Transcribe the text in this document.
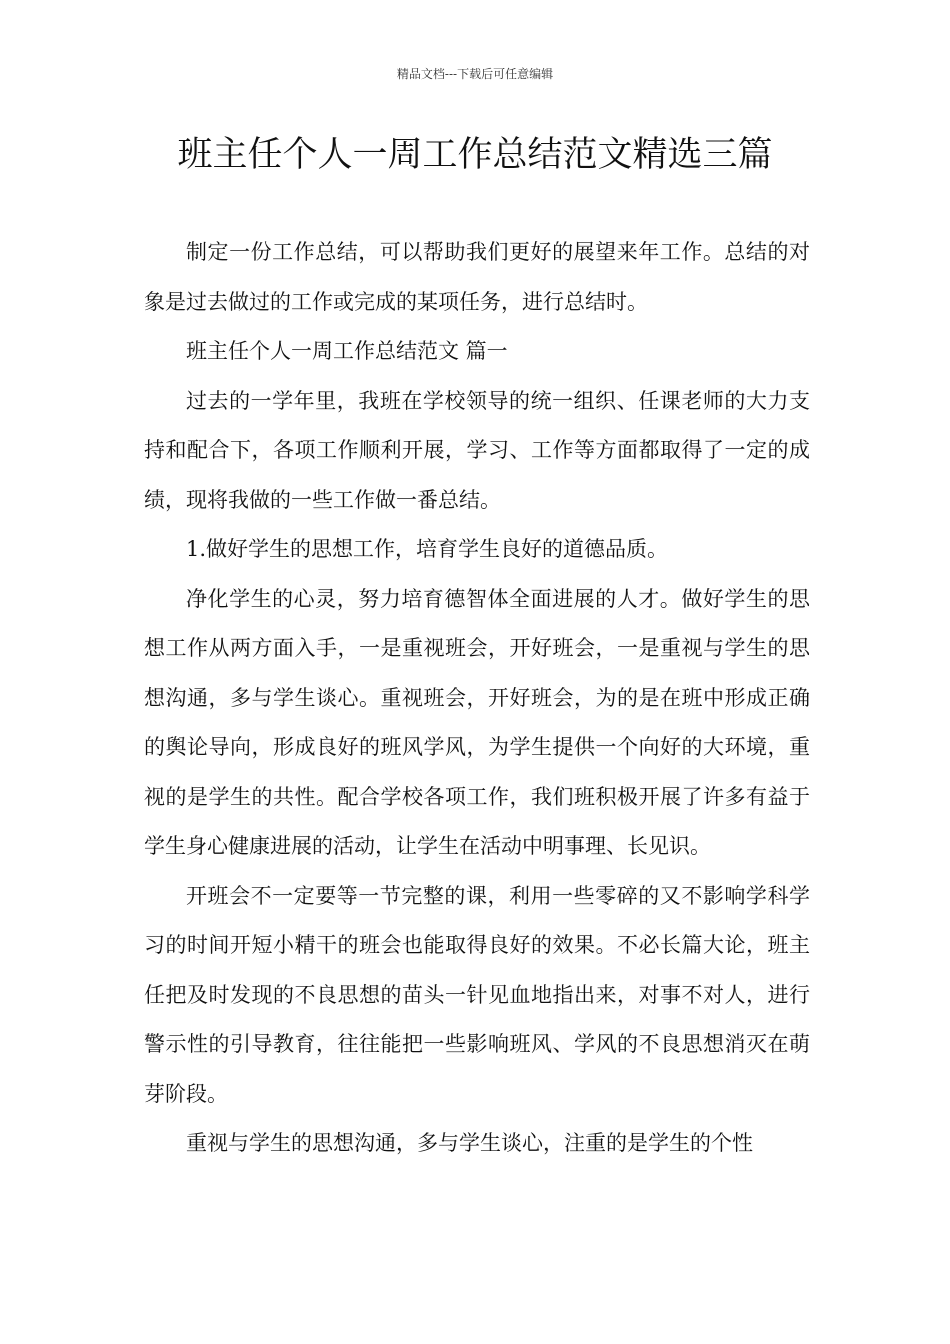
精品文档---下载后可任意编辑
班主任个人一周工作总结范文精选三篇

制定一份工作总结，可以帮助我们更好的展望来年工作。总结的对象是过去做过的工作或完成的某项任务，进行总结时。

班主任个人一周工作总结范文 篇一

过去的一学年里，我班在学校领导的统一组织、任课老师的大力支持和配合下，各项工作顺利开展，学习、工作等方面都取得了一定的成绩，现将我做的一些工作做一番总结。

1.做好学生的思想工作，培育学生良好的道德品质。

净化学生的心灵，努力培育德智体全面进展的人才。做好学生的思想工作从两方面入手，一是重视班会，开好班会，一是重视与学生的思想沟通，多与学生谈心。重视班会，开好班会，为的是在班中形成正确的舆论导向，形成良好的班风学风，为学生提供一个向好的大环境，重视的是学生的共性。配合学校各项工作，我们班积极开展了许多有益于学生身心健康进展的活动，让学生在活动中明事理、长见识。

开班会不一定要等一节完整的课，利用一些零碎的又不影响学科学习的时间开短小精干的班会也能取得良好的效果。不必长篇大论，班主任把及时发现的不良思想的苗头一针见血地指出来，对事不对人，进行警示性的引导教育，往往能把一些影响班风、学风的不良思想消灭在萌芽阶段。

重视与学生的思想沟通，多与学生谈心，注重的是学生的个性
